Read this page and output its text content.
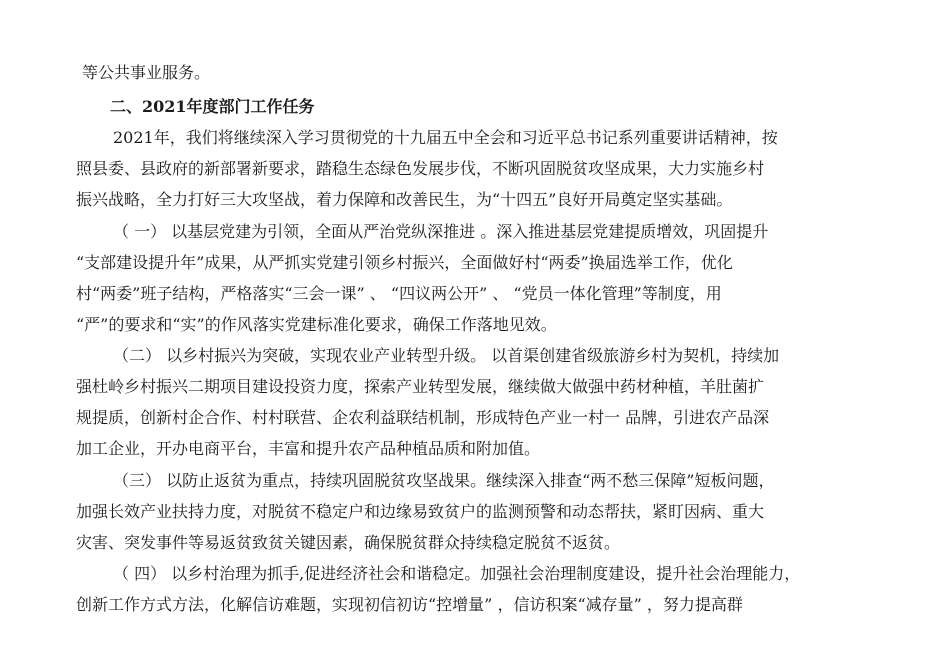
等公共事业服务。

二、2021年度部门工作任务

2021年，我们将继续深入学习贯彻党的十九届五中全会和习近平总书记系列重要讲话精神，按

照县委、县政府的新部署新要求，踏稳生态绿色发展步伐，不断巩固脱贫攻坚成果，大力实施乡村

振兴战略，全力打好三大攻坚战，着力保障和改善民生，为“十四五”良好开局奠定坚实基础。

（ 一） 以基层党建为引领，全面从严治党纵深推进 。深入推进基层党建提质增效，巩固提升

“支部建设提升年”成果，从严抓实党建引领乡村振兴，全面做好村“两委”换届选举工作，优化

村“两委”班子结构，严格落实“三会一课” 、 “四议两公开” 、 “党员一体化管理”等制度，用

“严”的要求和“实”的作风落实党建标准化要求，确保工作落地见效。

（二） 以乡村振兴为突破，实现农业产业转型升级。 以首渠创建省级旅游乡村为契机，持续加

强杜岭乡村振兴二期项目建设投资力度，探索产业转型发展，继续做大做强中药材种植，羊肚菌扩

规提质，创新村企合作、村村联营、企农利益联结机制，形成特色产业一村一 品牌，引进农产品深

加工企业，开办电商平台，丰富和提升农产品种植品质和附加值。

（三） 以防止返贫为重点，持续巩固脱贫攻坚战果。继续深入排查“两不愁三保障”短板问题，

加强长效产业扶持力度，对脱贫不稳定户和边缘易致贫户的监测预警和动态帮扶，紧盯因病、重大

灾害、突发事件等易返贫致贫关键因素，确保脱贫群众持续稳定脱贫不返贫。

（ 四） 以乡村治理为抓手,促进经济社会和谐稳定。加强社会治理制度建设，提升社会治理能力，

创新工作方式方法，化解信访难题，实现初信初访“控增量” ，信访积案“减存量” ，努力提高群
